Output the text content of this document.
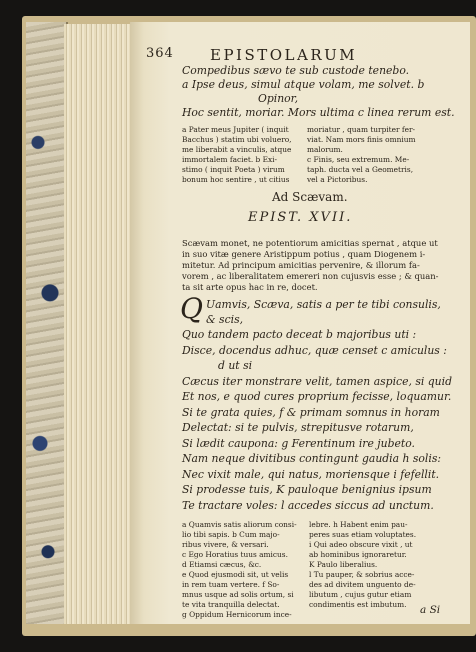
364 EPISTOLARUM
Compedibus sævo te sub custode tenebo.
a Ipse deus, simul atque volam, me solvet. b
Opinor,
Hoc sentit, moriar. Mors ultima c linea rerum est.
a Pater meus Jupiter ( inquit
Bacchus ) statim ubi voluero,
me liberabit a vinculis, atque
immortalem faciet. b Exi-
stimo ( inquit Poeta ) virum
bonum hoc sentire , ut citius
moriatur , quam turpiter fer-
viat. Nam mors finis omnium
malorum.
c Finis, seu extremum. Me-
taph. ducta vel a Geometris,
vel a Pictoribus.
Ad Scævam.
EPIST. XVII.
Scævam monet, ne potentiorum amicitias spernat , atque ut
in suo vitæ genere Aristippum potius , quam Diogenem i-
mitetur. Ad principum amicitias pervenire, & illorum fa-
vorem , ac liberalitatem emereri non cujusvis esse ; & quan-
ta sit arte opus hac in re, docet.
Q Uamvis, Scæva, satis a per te tibi consulis,
& scis,
Quo tandem pacto deceat b majoribus uti :
Disce, docendus adhuc, quæ censet c amiculus :
d ut si
Cæcus iter monstrare velit, tamen aspice, si quid
Et nos, e quod cures proprium fecisse, loquamur.
Si te grata quies, f & primam somnus in horam
Delectat: si te pulvis, strepitusve rotarum,
Si lædit caupona: g Ferentinum ire jubeto.
Nam neque divitibus contingunt gaudia h solis:
Nec vixit male, qui natus, moriensque i fefellit.
Si prodesse tuis, K pauloque benignius ipsum
Te tractare voles: l accedes siccus ad unctum.
a Quamvis satis aliorum consi-
lio tibi sapis. b Cum majo-
ribus vivere, & versari.
c Ego Horatius tuus amicus.
d Etiamsi cæcus, &c.
e Quod ejusmodi sit, ut velis
in rem tuam vertere. f So-
mnus usque ad solis ortum, si
te vita tranquilla delectat.
g Oppidum Hernicorum ince-
lebre. h Habent enim pau-
peres suas etiam voluptates.
i Qui adeo obscure vixit , ut
ab hominibus ignoraretur.
K Paulo liberalius.
l Tu pauper, & sobrius acce-
des ad divitem unguento de-
libutum , cujus gutur etiam
condimentis est imbutum. a Si
